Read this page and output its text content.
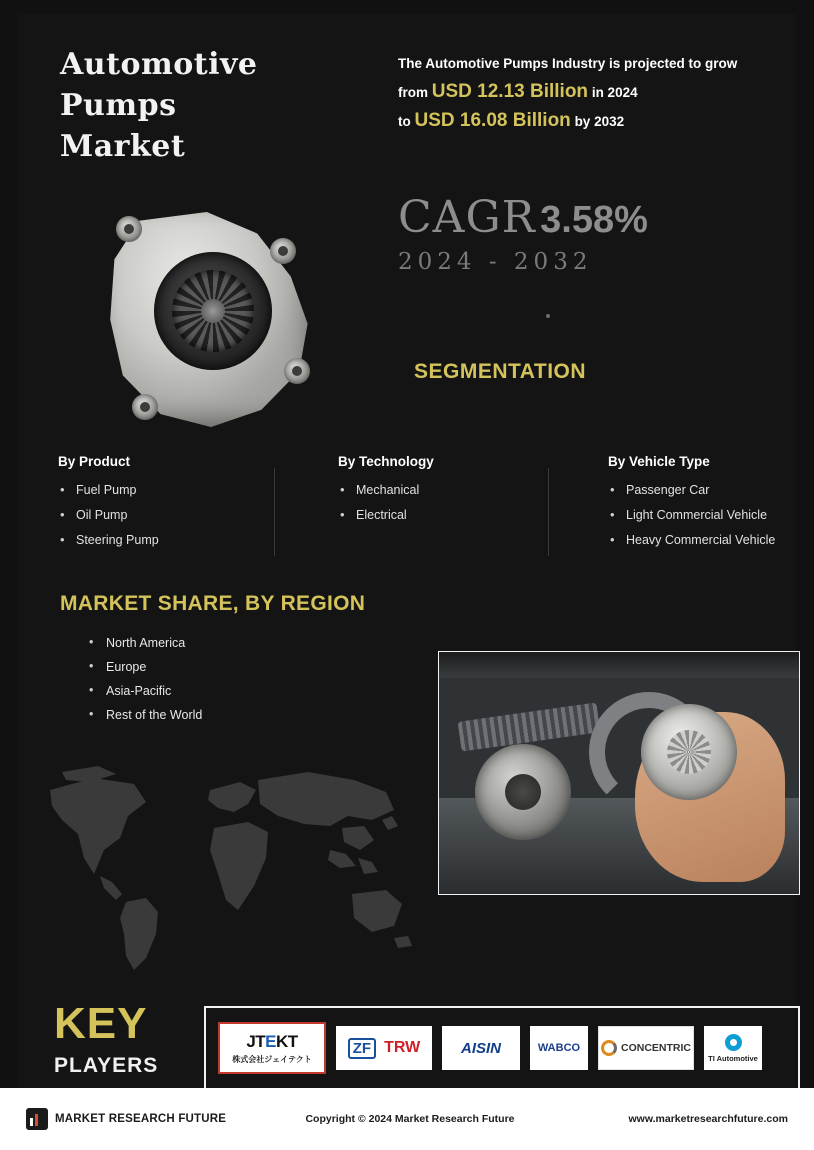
Automotive
Pumps
Market
The Automotive Pumps Industry is projected to grow
from USD 12.13 Billion in 2024
to USD 16.08 Billion by 2032
CAGR 3.58%
2024 - 2032
SEGMENTATION
By Product
• Fuel Pump
• Oil Pump
• Steering Pump
By Technology
• Mechanical
• Electrical
By Vehicle Type
• Passenger Car
• Light Commercial Vehicle
• Heavy Commercial Vehicle
MARKET SHARE, BY REGION
• North America
• Europe
• Asia-Pacific
• Rest of the World
KEY
PLAYERS
JTEKT
株式会社ジェイテクト
ZF TRW	AISIN	WABCO	CONCENTRIC
TI Automotive
MARKET RESEARCH FUTURE	Copyright © 2024 Market Research Future	www.marketresearchfuture.com
